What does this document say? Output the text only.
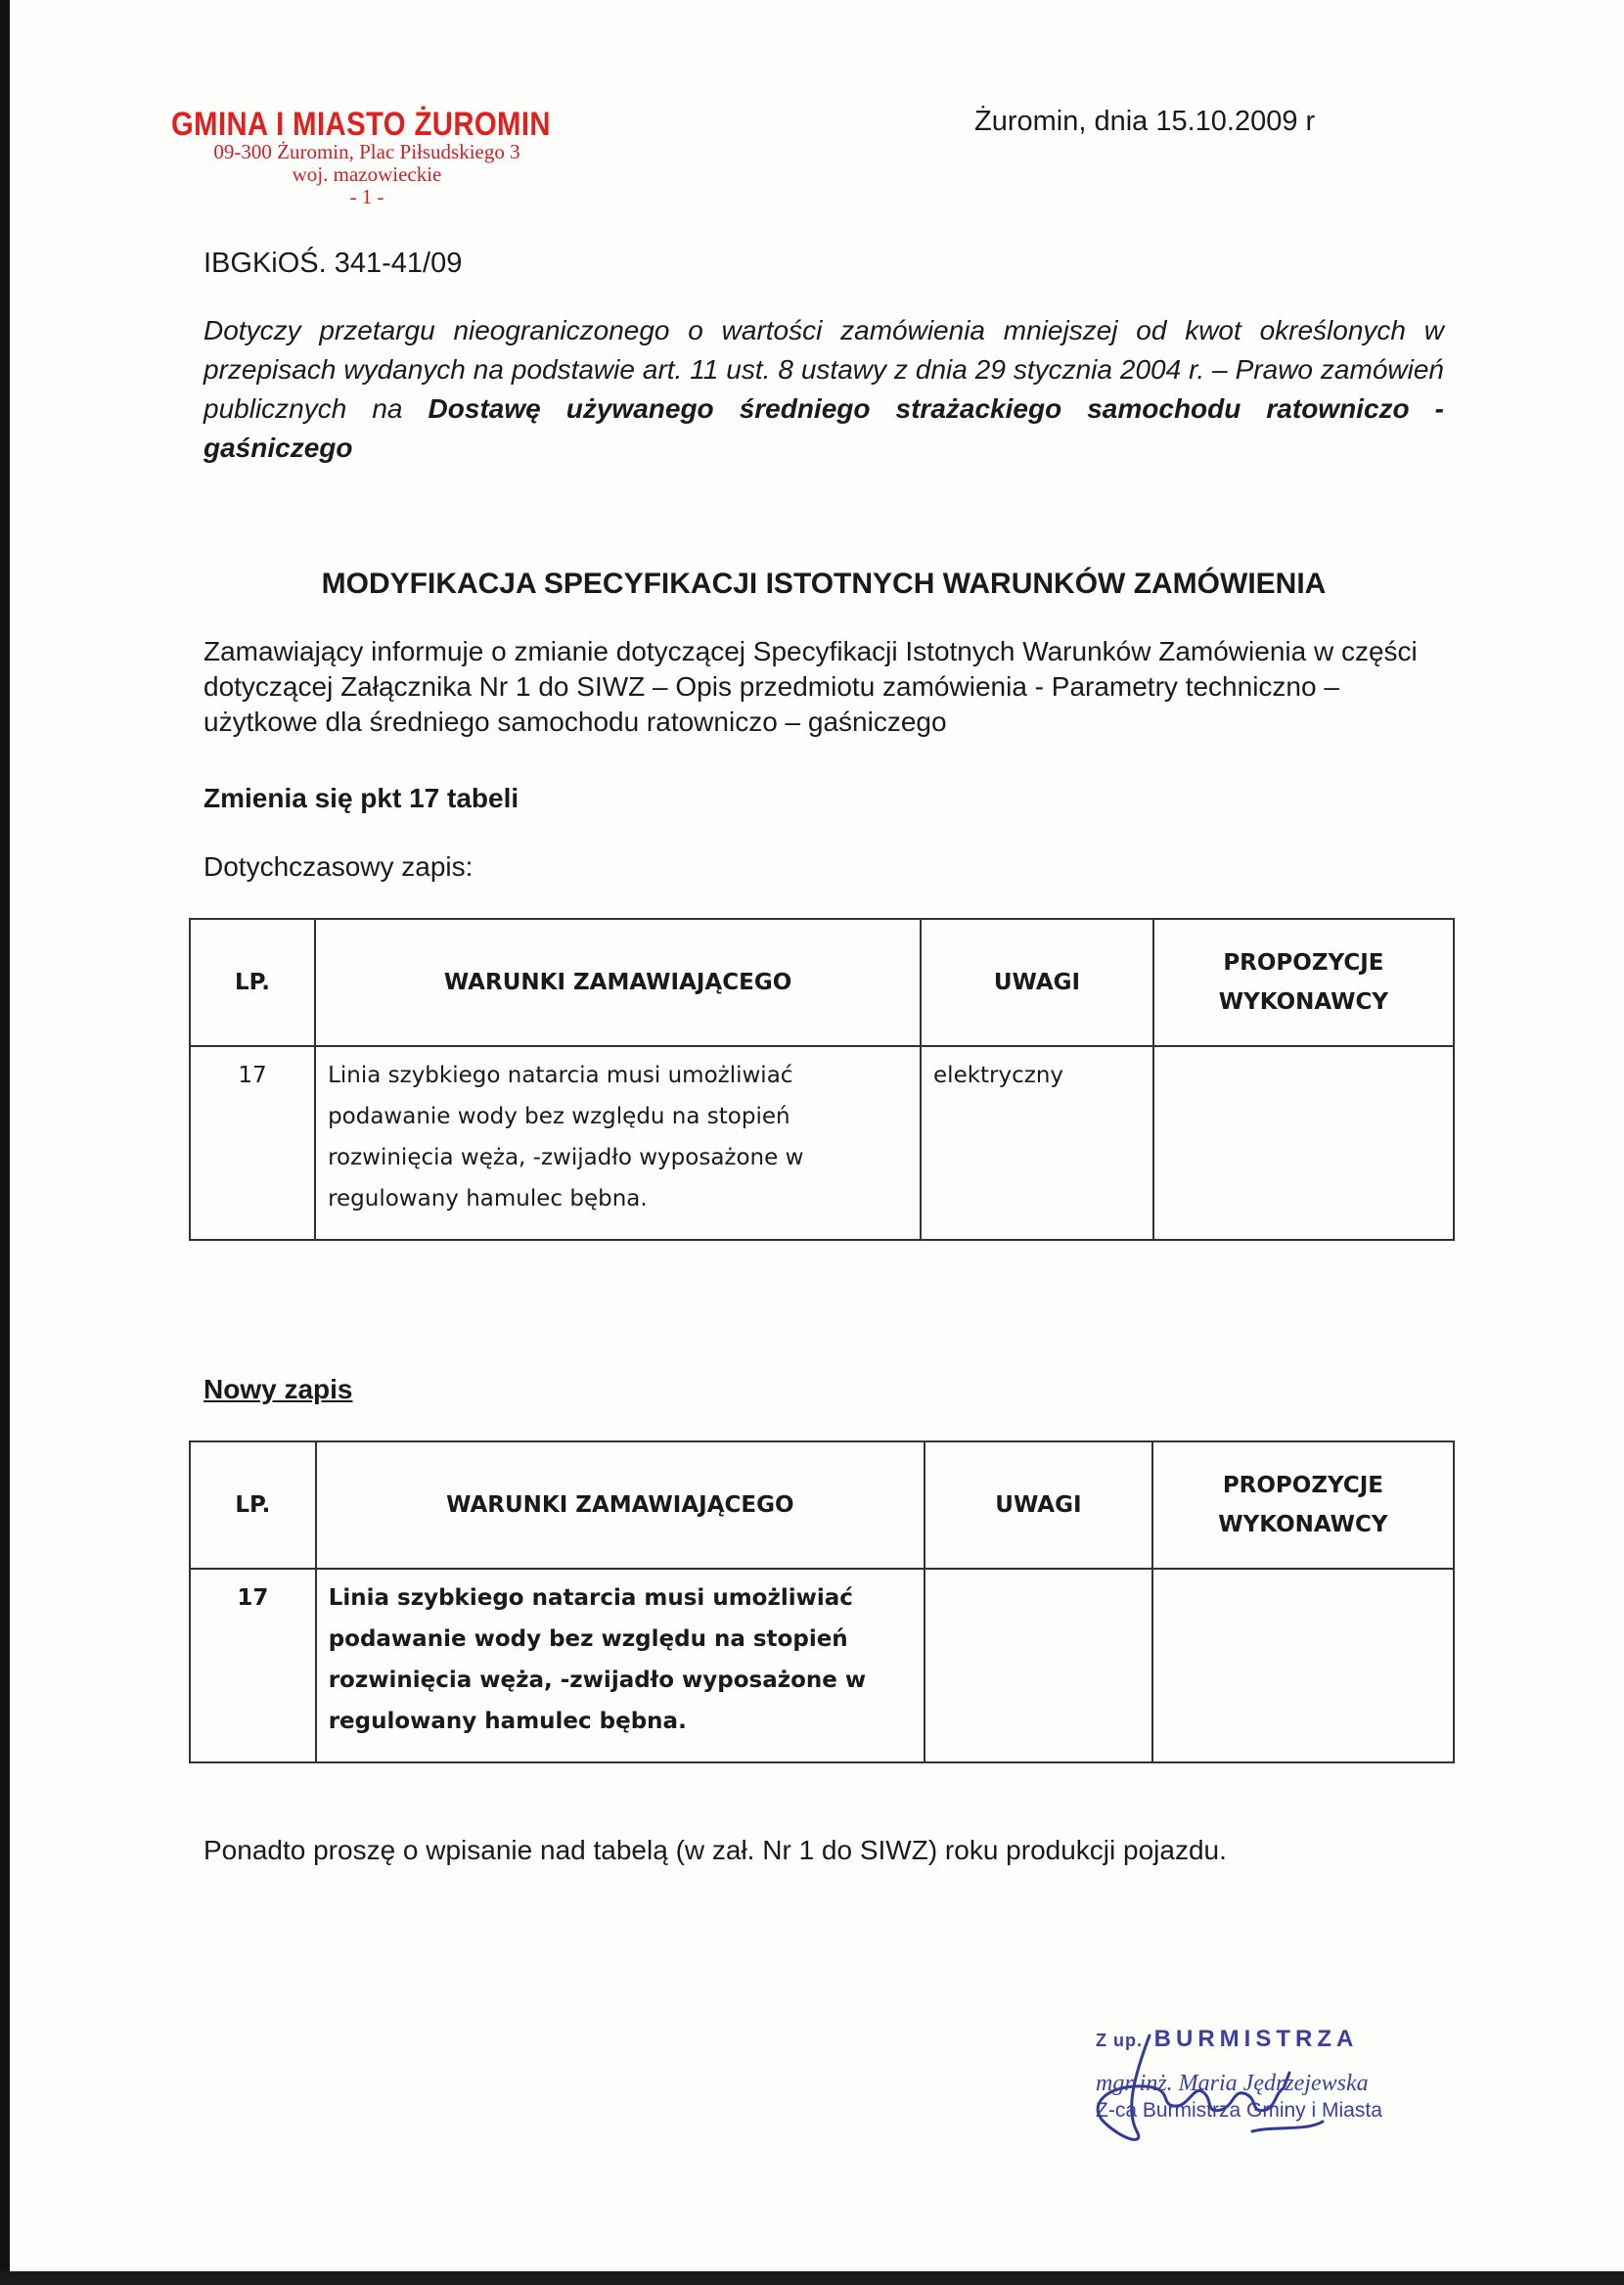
GMINA I MIASTO ŻUROMIN
09-300 Żuromin, Plac Piłsudskiego 3
woj. mazowieckie
- 1 -
Żuromin, dnia 15.10.2009 r
IBGKiOŚ. 341-41/09
Dotyczy przetargu nieograniczonego o wartości zamówienia mniejszej od kwot określonych w przepisach wydanych na podstawie art. 11 ust. 8 ustawy z dnia 29 stycznia 2004 r. – Prawo zamówień publicznych na Dostawę używanego średniego strażackiego samochodu ratowniczo - gaśniczego
MODYFIKACJA SPECYFIKACJI ISTOTNYCH WARUNKÓW ZAMÓWIENIA
Zamawiający informuje o zmianie dotyczącej Specyfikacji Istotnych Warunków Zamówienia w części dotyczącej Załącznika Nr 1 do SIWZ – Opis przedmiotu zamówienia - Parametry techniczno – użytkowe dla średniego samochodu ratowniczo – gaśniczego
Zmienia się pkt 17 tabeli
Dotychczasowy zapis:
LP.	WARUNKI ZAMAWIAJĄCEGO	UWAGI	PROPOZYCJE WYKONAWCY
17	Linia szybkiego natarcia musi umożliwiać podawanie wody bez względu na stopień rozwinięcia węża, -zwijadło wyposażone w regulowany hamulec bębna.	elektryczny	
Nowy zapis
LP.	WARUNKI ZAMAWIAJĄCEGO	UWAGI	PROPOZYCJE WYKONAWCY
17	Linia szybkiego natarcia musi umożliwiać podawanie wody bez względu na stopień rozwinięcia węża, -zwijadło wyposażone w regulowany hamulec bębna.		
Ponadto proszę o wpisanie nad tabelą (w zał. Nr 1 do SIWZ) roku produkcji pojazdu.
Z up. BURMISTRZA
mgr inż. Maria Jędrzejewska
Z-ca Burmistrza Gminy i Miasta
